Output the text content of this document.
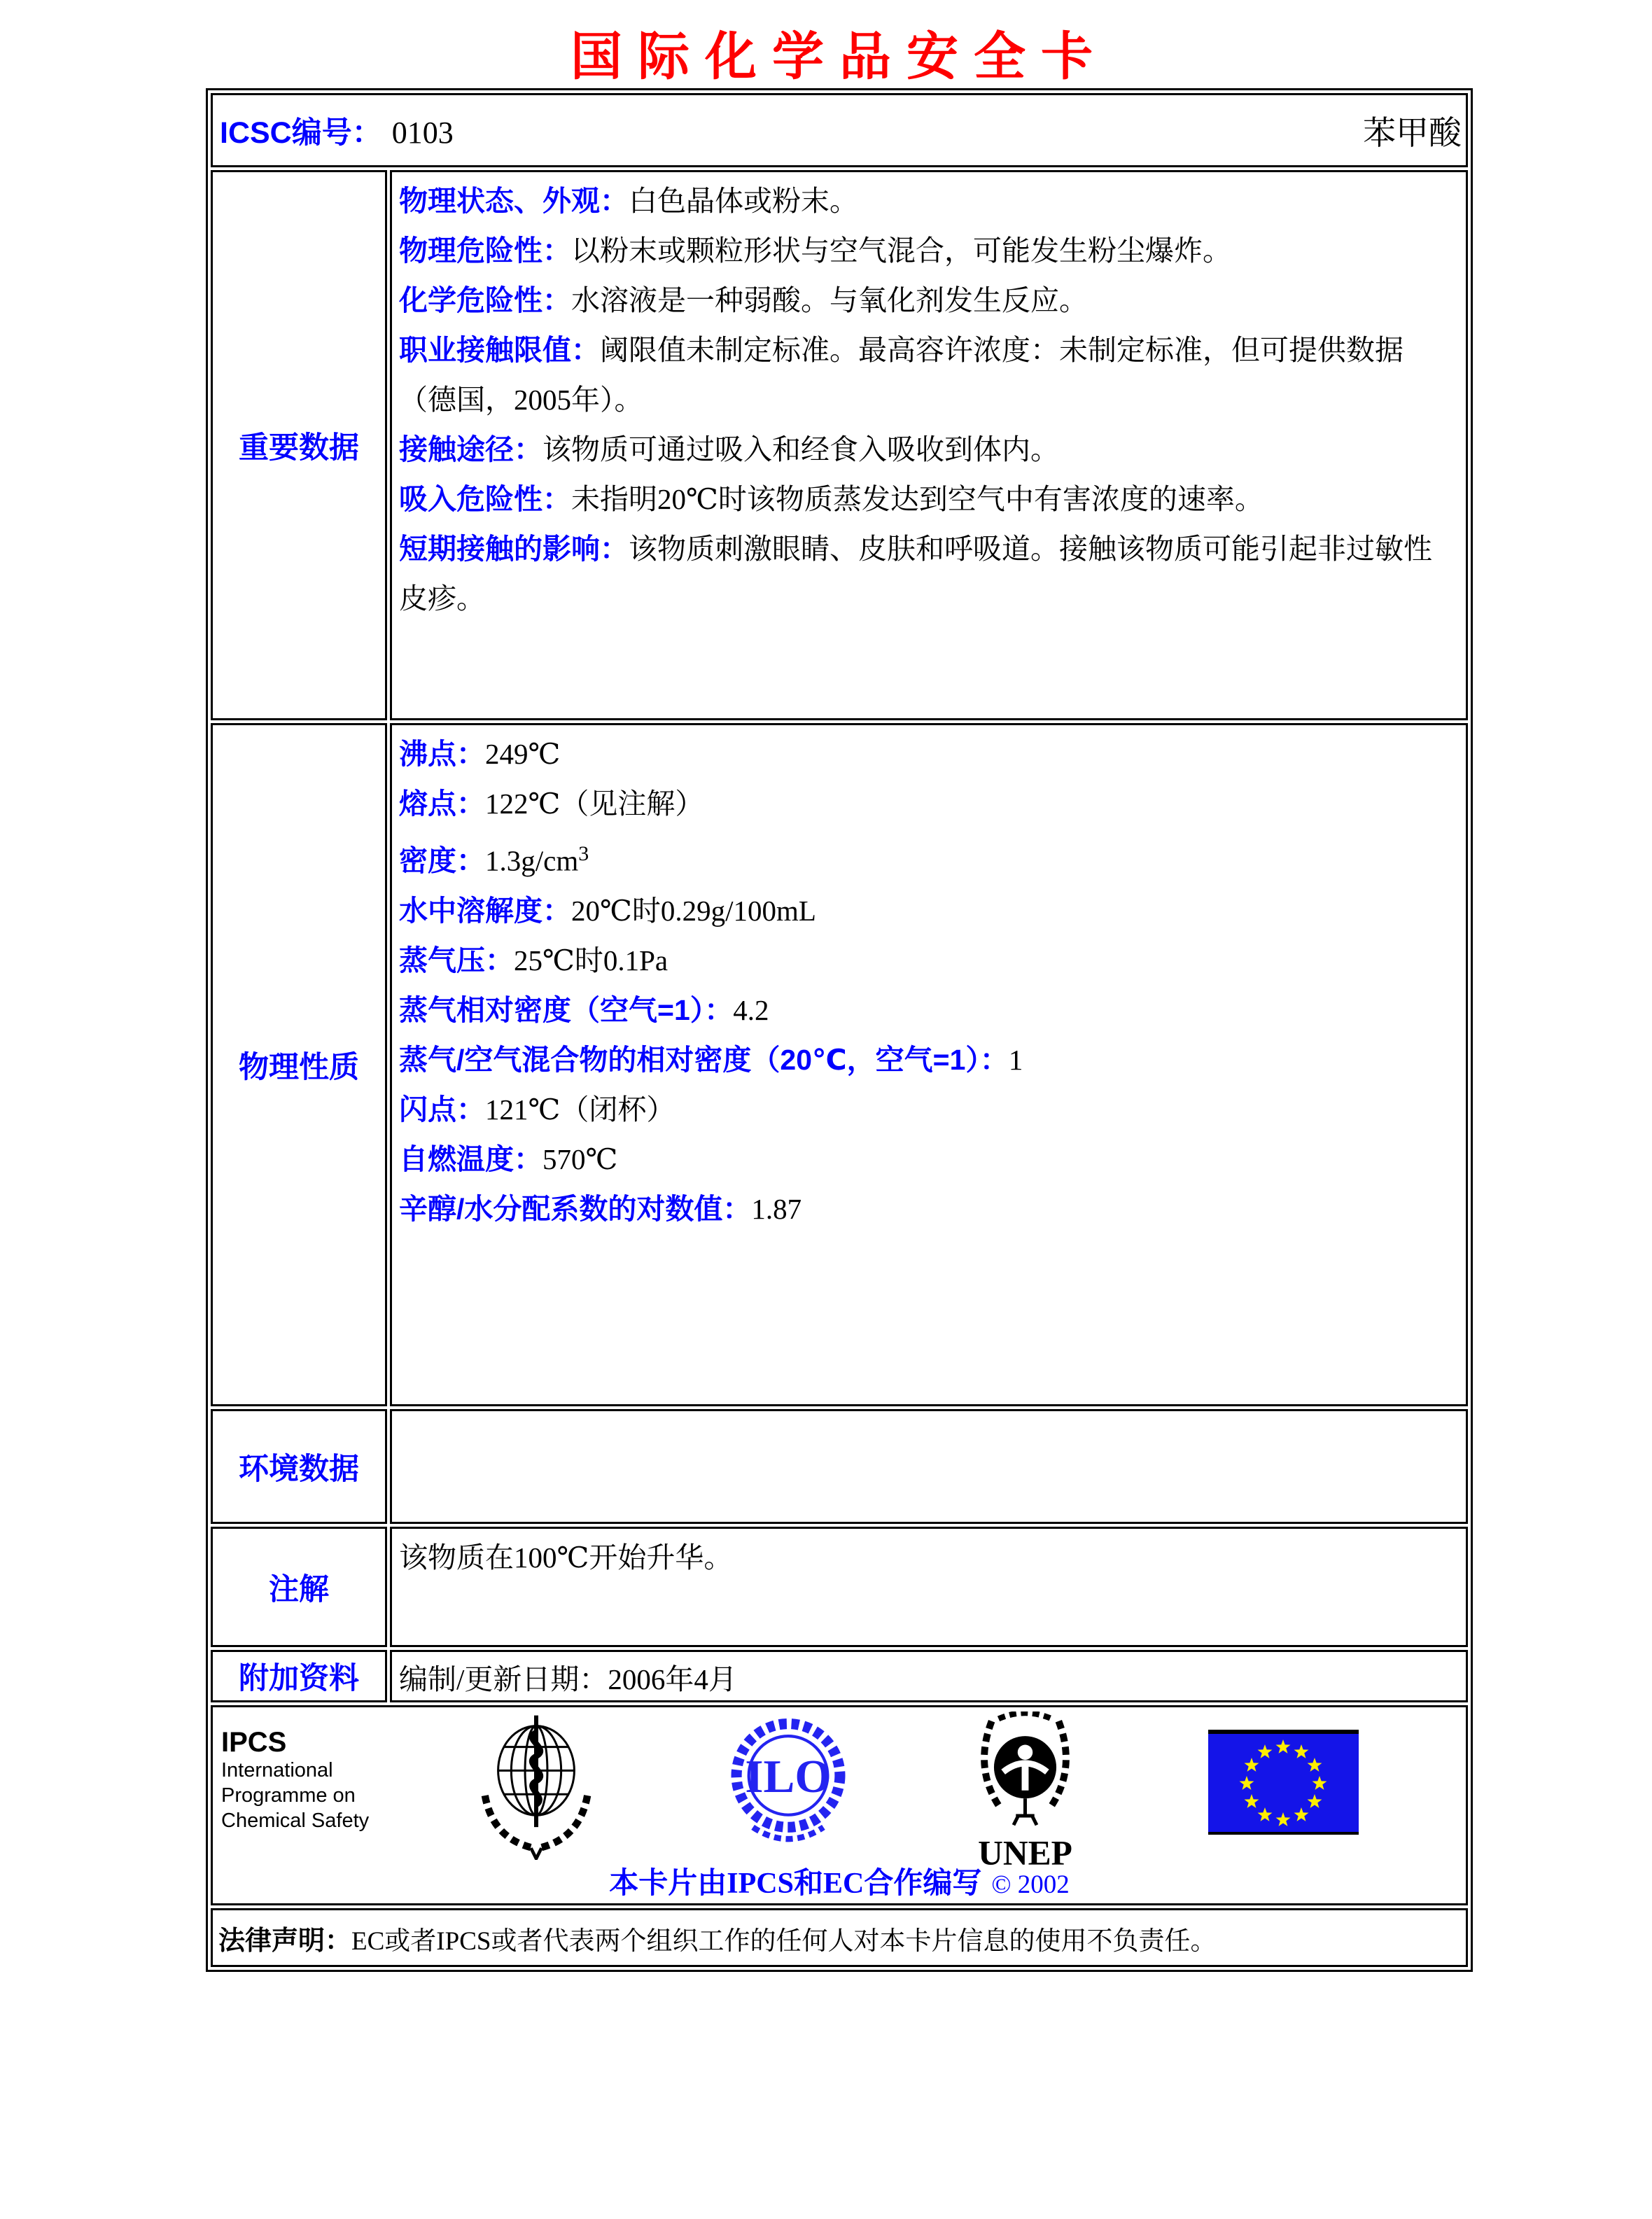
国际化学品安全卡
ICSC编号： 0103 苯甲酸	

重要数据	

物理状态、外观：白色晶体或粉末。

物理危险性：以粉末或颗粒形状与空气混合，可能发生粉尘爆炸。

化学危险性：水溶液是一种弱酸。与氧化剂发生反应。

职业接触限值：阈限值未制定标准。最高容许浓度：未制定标准，但可提供数据（德国，2005年）。

接触途径：该物质可通过吸入和经食入吸收到体内。

吸入危险性：未指明20℃时该物质蒸发达到空气中有害浓度的速率。

短期接触的影响：该物质刺激眼睛、皮肤和呼吸道。接触该物质可能引起非过敏性皮疹。

物理性质	

沸点：249℃

熔点：122℃（见注解）

密度：$1.3g/cm^3$

水中溶解度：20℃时0.29g/100mL

蒸气压：25℃时0.1Pa

蒸气相对密度（空气=1）：4.2

蒸气/空气混合物的相对密度（20℃，空气=1）：1

闪点：121℃（闭杯）

自燃温度：570℃

辛醇/水分配系数的对数值：1.87

环境数据	
注解	该物质在100℃开始升华。

附加资料	编制/更新日期：2006年4月

IPCS
International
Programme on
Chemical Safety
ILO
UNEP
本卡片由IPCS和EC合作编写 © 2002

法律声明：EC或者IPCS或者代表两个组织工作的任何人对本卡片信息的使用不负责任。	
